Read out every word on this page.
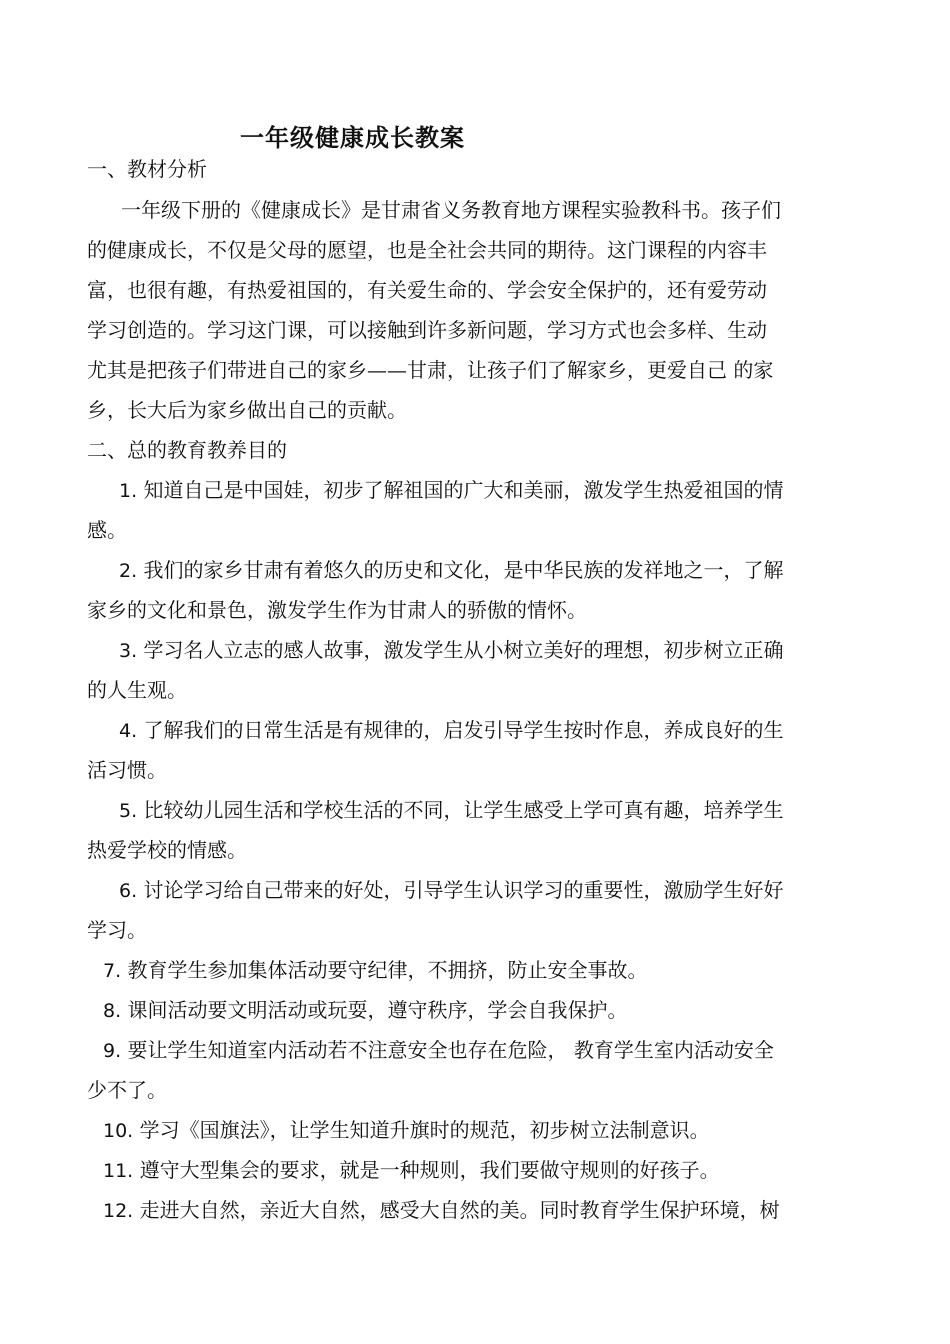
一年级健康成长教案
一、教材分析
一年级下册的《健康成长》是甘肃省义务教育地方课程实验教科书。孩子们
的健康成长，不仅是父母的愿望，也是全社会共同的期待。这门课程的内容丰
富，也很有趣，有热爱祖国的，有关爱生命的、学会安全保护的，还有爱劳动
学习创造的。学习这门课，可以接触到许多新问题，学习方式也会多样、生动
尤其是把孩子们带进自己的家乡——甘肃，让孩子们了解家乡，更爱自己 的家
乡，长大后为家乡做出自己的贡献。
二、总的教育教养目的
1. 知道自己是中国娃，初步了解祖国的广大和美丽，激发学生热爱祖国的情
感。
2. 我们的家乡甘肃有着悠久的历史和文化，是中华民族的发祥地之一，了解
家乡的文化和景色，激发学生作为甘肃人的骄傲的情怀。
3. 学习名人立志的感人故事，激发学生从小树立美好的理想，初步树立正确
的人生观。
4. 了解我们的日常生活是有规律的，启发引导学生按时作息，养成良好的生
活习惯。
5. 比较幼儿园生活和学校生活的不同，让学生感受上学可真有趣，培养学生
热爱学校的情感。
6. 讨论学习给自己带来的好处，引导学生认识学习的重要性，激励学生好好
学习。
7. 教育学生参加集体活动要守纪律，不拥挤，防止安全事故。
8. 课间活动要文明活动或玩耍，遵守秩序，学会自我保护。
9. 要让学生知道室内活动若不注意安全也存在危险， 教育学生室内活动安全
少不了。
10. 学习《国旗法》，让学生知道升旗时的规范，初步树立法制意识。
11. 遵守大型集会的要求，就是一种规则，我们要做守规则的好孩子。
12. 走进大自然，亲近大自然，感受大自然的美。同时教育学生保护环境，树
